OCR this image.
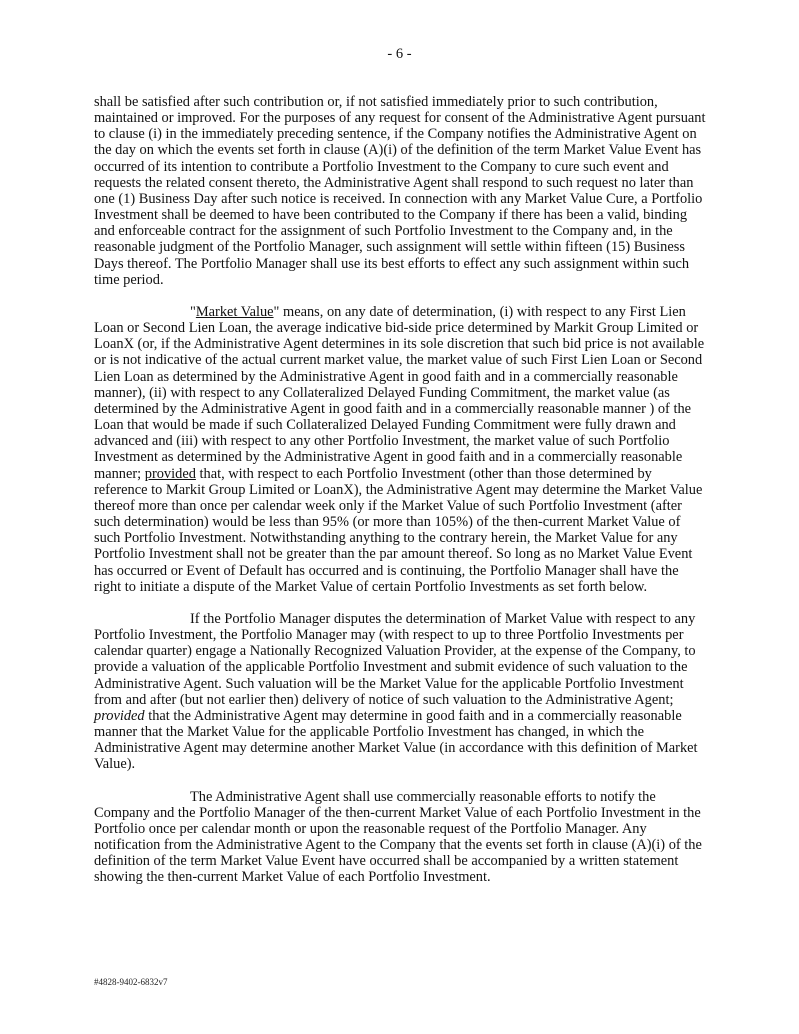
- 6 -

shall be satisfied after such contribution or, if not satisfied immediately prior to such contribution, maintained or improved. For the purposes of any request for consent of the Administrative Agent pursuant to clause (i) in the immediately preceding sentence, if the Company notifies the Administrative Agent on the day on which the events set forth in clause (A)(i) of the definition of the term Market Value Event has occurred of its intention to contribute a Portfolio Investment to the Company to cure such event and requests the related consent thereto, the Administrative Agent shall respond to such request no later than one (1) Business Day after such notice is received. In connection with any Market Value Cure, a Portfolio Investment shall be deemed to have been contributed to the Company if there has been a valid, binding and enforceable contract for the assignment of such Portfolio Investment to the Company and, in the reasonable judgment of the Portfolio Manager, such assignment will settle within fifteen (15) Business Days thereof. The Portfolio Manager shall use its best efforts to effect any such assignment within such time period.

"Market Value" means, on any date of determination, (i) with respect to any First Lien Loan or Second Lien Loan, the average indicative bid-side price determined by Markit Group Limited or LoanX (or, if the Administrative Agent determines in its sole discretion that such bid price is not available or is not indicative of the actual current market value, the market value of such First Lien Loan or Second Lien Loan as determined by the Administrative Agent in good faith and in a commercially reasonable manner), (ii) with respect to any Collateralized Delayed Funding Commitment, the market value (as determined by the Administrative Agent in good faith and in a commercially reasonable manner ) of the Loan that would be made if such Collateralized Delayed Funding Commitment were fully drawn and advanced and (iii) with respect to any other Portfolio Investment, the market value of such Portfolio Investment as determined by the Administrative Agent in good faith and in a commercially reasonable manner; provided that, with respect to each Portfolio Investment (other than those determined by reference to Markit Group Limited or LoanX), the Administrative Agent may determine the Market Value thereof more than once per calendar week only if the Market Value of such Portfolio Investment (after such determination) would be less than 95% (or more than 105%) of the then-current Market Value of such Portfolio Investment. Notwithstanding anything to the contrary herein, the Market Value for any Portfolio Investment shall not be greater than the par amount thereof. So long as no Market Value Event has occurred or Event of Default has occurred and is continuing, the Portfolio Manager shall have the right to initiate a dispute of the Market Value of certain Portfolio Investments as set forth below.

If the Portfolio Manager disputes the determination of Market Value with respect to any Portfolio Investment, the Portfolio Manager may (with respect to up to three Portfolio Investments per calendar quarter) engage a Nationally Recognized Valuation Provider, at the expense of the Company, to provide a valuation of the applicable Portfolio Investment and submit evidence of such valuation to the Administrative Agent. Such valuation will be the Market Value for the applicable Portfolio Investment from and after (but not earlier then) delivery of notice of such valuation to the Administrative Agent; provided that the Administrative Agent may determine in good faith and in a commercially reasonable manner that the Market Value for the applicable Portfolio Investment has changed, in which the Administrative Agent may determine another Market Value (in accordance with this definition of Market Value).

The Administrative Agent shall use commercially reasonable efforts to notify the Company and the Portfolio Manager of the then-current Market Value of each Portfolio Investment in the Portfolio once per calendar month or upon the reasonable request of the Portfolio Manager. Any notification from the Administrative Agent to the Company that the events set forth in clause (A)(i) of the definition of the term Market Value Event have occurred shall be accompanied by a written statement showing the then-current Market Value of each Portfolio Investment.

#4828-9402-6832v7
